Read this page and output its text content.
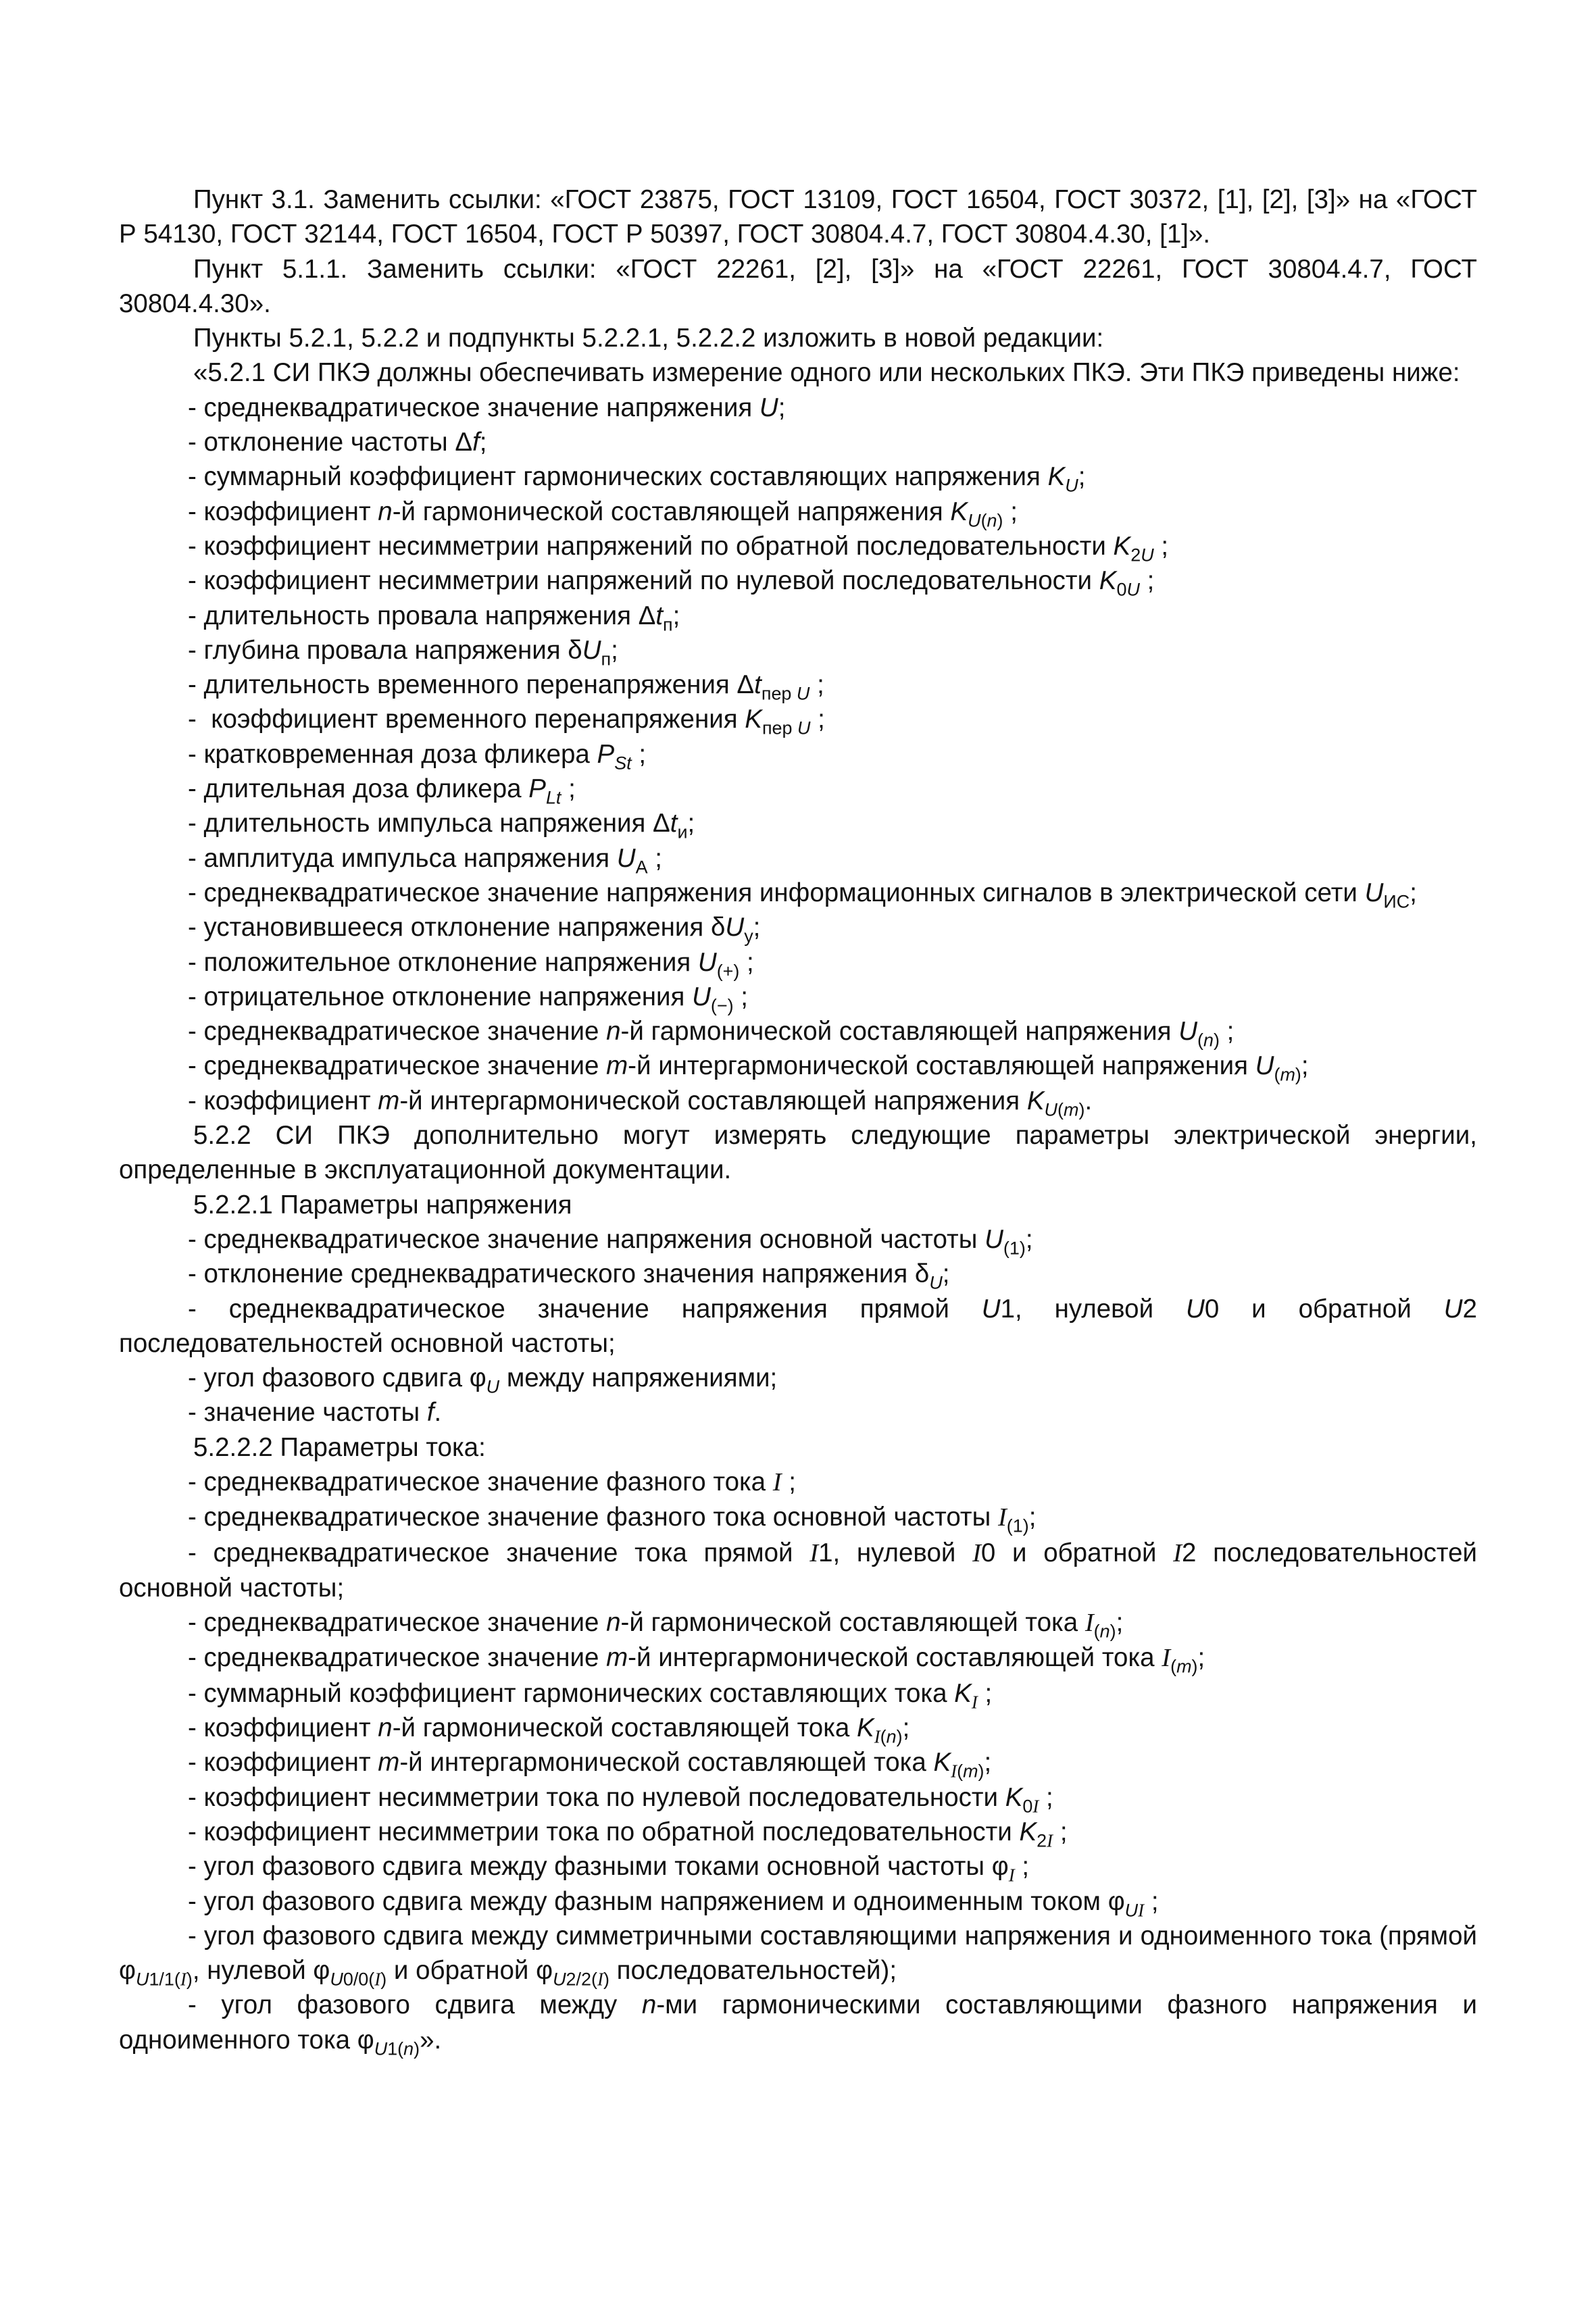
Пункт 3.1. Заменить ссылки: «ГОСТ 23875, ГОСТ 13109, ГОСТ 16504, ГОСТ 30372, [1], [2], [3]» на «ГОСТ Р 54130, ГОСТ 32144, ГОСТ 16504, ГОСТ Р 50397, ГОСТ 30804.4.7, ГОСТ 30804.4.30, [1]».

Пункт 5.1.1. Заменить ссылки: «ГОСТ 22261, [2], [3]» на «ГОСТ 22261, ГОСТ 30804.4.7, ГОСТ 30804.4.30».

Пункты 5.2.1, 5.2.2 и подпункты 5.2.2.1, 5.2.2.2 изложить в новой редакции:

«5.2.1 СИ ПКЭ должны обеспечивать измерение одного или нескольких ПКЭ. Эти ПКЭ приведены ниже:

- среднеквадратическое значение напряжения U;

- отклонение частоты Δf;

- суммарный коэффициент гармонических составляющих напряжения $K_U$;

- коэффициент n-й гармонической составляющей напряжения $K_{U(n)}$ ;

- коэффициент несимметрии напряжений по обратной последовательности $K_{2U}$ ;

- коэффициент несимметрии напряжений по нулевой последовательности $K_{0U}$ ;

- длительность провала напряжения $\Delta t_п$;

- глубина провала напряжения $\delta U_п$;

- длительность временного перенапряжения $\Delta t_{пер U}$ ;

-  коэффициент временного перенапряжения $K_{пер U}$ ;

- кратковременная доза фликера $P_{St}$ ;

- длительная доза фликера $P_{Lt}$ ;

- длительность импульса напряжения $\Delta t_и$;

- амплитуда импульса напряжения $U_А$ ;

- среднеквадратическое значение напряжения информационных сигналов в электрической сети $U_{ИС}$;

- установившееся отклонение напряжения $\delta U_у$;

- положительное отклонение напряжения $U_{(+)}$ ;

- отрицательное отклонение напряжения $U_{(-)}$ ;

- среднеквадратическое значение n-й гармонической составляющей напряжения $U_{(n)}$ ;

- среднеквадратическое значение m-й интергармонической составляющей напряжения $U_{(m)}$;

- коэффициент m-й интергармонической составляющей напряжения $K_{U(m)}$.

5.2.2 СИ ПКЭ дополнительно могут измерять следующие параметры электрической энергии, определенные в эксплуатационной документации.

5.2.2.1 Параметры напряжения

- среднеквадратическое значение напряжения основной частоты $U_{(1)}$;

- отклонение среднеквадратического значения напряжения $\delta_U$;

- среднеквадратическое значение напряжения прямой U1, нулевой U0 и обратной U2 последовательностей основной частоты;

- угол фазового сдвига $\varphi_U$ между напряжениями;

- значение частоты f.

5.2.2.2 Параметры тока:

- среднеквадратическое значение фазного тока I ;

- среднеквадратическое значение фазного тока основной частоты $I_{(1)}$;

- среднеквадратическое значение тока прямой I1, нулевой I0 и обратной I2 последовательностей основной частоты;

- среднеквадратическое значение n-й гармонической составляющей тока $I_{(n)}$;

- среднеквадратическое значение m-й интергармонической составляющей тока $I_{(m)}$;

- суммарный коэффициент гармонических составляющих тока $K_I$ ;

- коэффициент n-й гармонической составляющей тока $K_{I(n)}$;

- коэффициент m-й интергармонической составляющей тока $K_{I(m)}$;

- коэффициент несимметрии тока по нулевой последовательности $K_{0I}$ ;

- коэффициент несимметрии тока по обратной последовательности $K_{2I}$ ;

- угол фазового сдвига между фазными токами основной частоты $\varphi_I$ ;

- угол фазового сдвига между фазным напряжением и одноименным током $\varphi_{UI}$ ;

- угол фазового сдвига между симметричными составляющими напряжения и одноименного тока (прямой $\varphi_{U1/1(I)}$, нулевой $\varphi_{U0/0(I)}$ и обратной $\varphi_{U2/2(I)}$ последовательностей);

- угол фазового сдвига между n-ми гармоническими составляющими фазного напряжения и одноименного тока $\varphi_{U1(n)}$».
